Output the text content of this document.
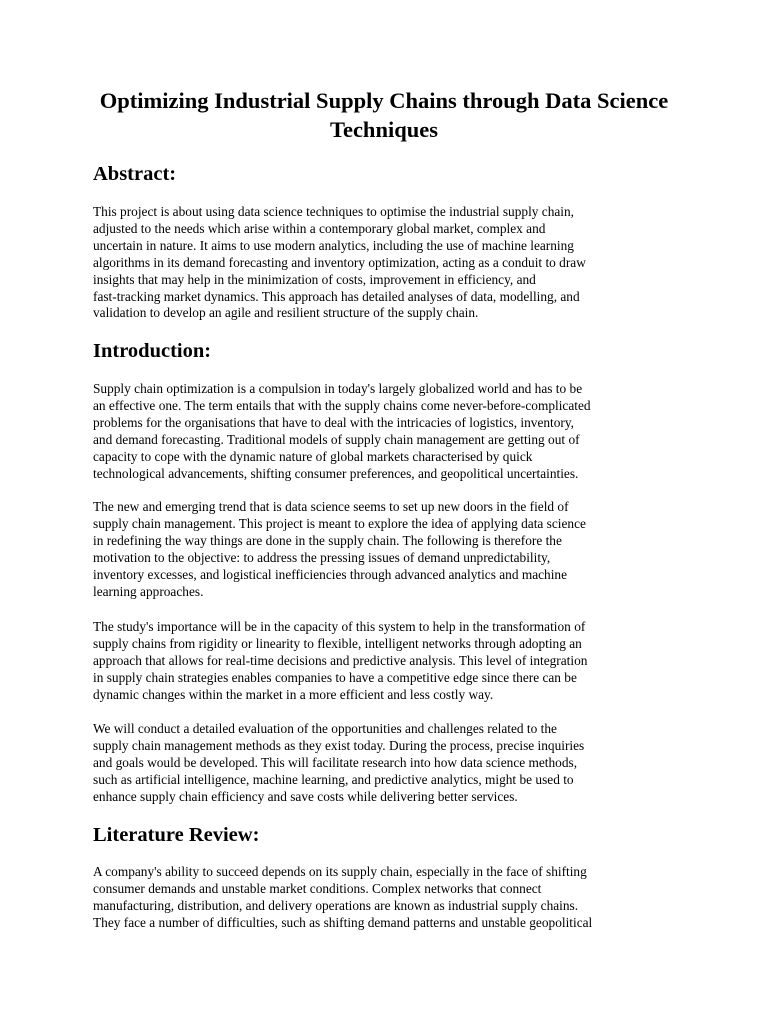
Optimizing Industrial Supply Chains through Data Science Techniques
Abstract:

This project is about using data science techniques to optimise the industrial supply chain,
adjusted to the needs which arise within a contemporary global market, complex and
uncertain in nature. It aims to use modern analytics, including the use of machine learning
algorithms in its demand forecasting and inventory optimization, acting as a conduit to draw
insights that may help in the minimization of costs, improvement in efficiency, and
fast-tracking market dynamics. This approach has detailed analyses of data, modelling, and
validation to develop an agile and resilient structure of the supply chain.

Introduction:

Supply chain optimization is a compulsion in today's largely globalized world and has to be
an effective one. The term entails that with the supply chains come never-before-complicated
problems for the organisations that have to deal with the intricacies of logistics, inventory,
and demand forecasting. Traditional models of supply chain management are getting out of
capacity to cope with the dynamic nature of global markets characterised by quick
technological advancements, shifting consumer preferences, and geopolitical uncertainties.

The new and emerging trend that is data science seems to set up new doors in the field of
supply chain management. This project is meant to explore the idea of applying data science
in redefining the way things are done in the supply chain. The following is therefore the
motivation to the objective: to address the pressing issues of demand unpredictability,
inventory excesses, and logistical inefficiencies through advanced analytics and machine
learning approaches.

The study's importance will be in the capacity of this system to help in the transformation of
supply chains from rigidity or linearity to flexible, intelligent networks through adopting an
approach that allows for real-time decisions and predictive analysis. This level of integration
in supply chain strategies enables companies to have a competitive edge since there can be
dynamic changes within the market in a more efficient and less costly way.

We will conduct a detailed evaluation of the opportunities and challenges related to the
supply chain management methods as they exist today. During the process, precise inquiries
and goals would be developed. This will facilitate research into how data science methods,
such as artificial intelligence, machine learning, and predictive analytics, might be used to
enhance supply chain efficiency and save costs while delivering better services.

Literature Review:

A company's ability to succeed depends on its supply chain, especially in the face of shifting
consumer demands and unstable market conditions. Complex networks that connect
manufacturing, distribution, and delivery operations are known as industrial supply chains.
They face a number of difficulties, such as shifting demand patterns and unstable geopolitical
